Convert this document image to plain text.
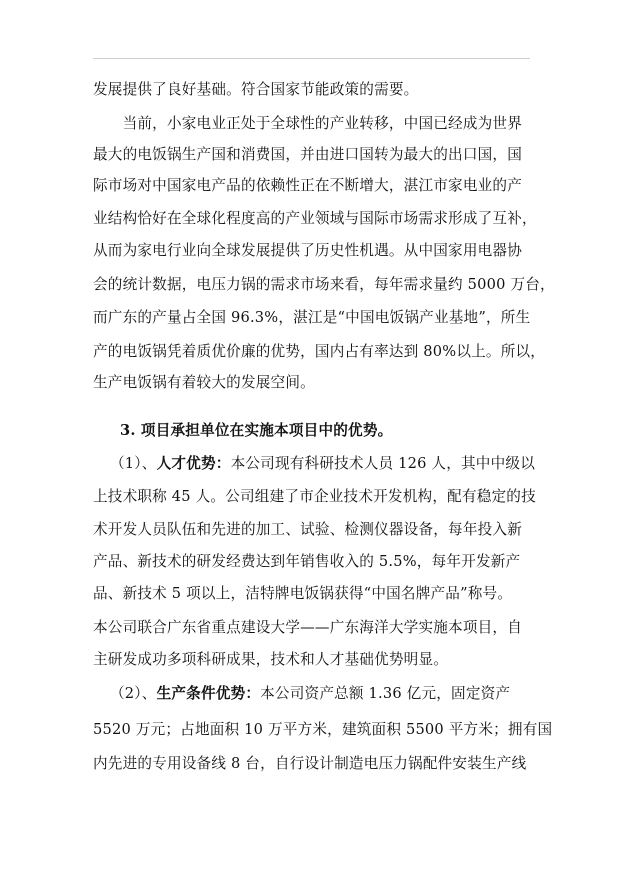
发展提供了良好基础。符合国家节能政策的需要。
　　当前，小家电业正处于全球性的产业转移，中国已经成为世界
最大的电饭锅生产国和消费国，并由进口国转为最大的出口国，国
际市场对中国家电产品的依赖性正在不断增大，湛江市家电业的产
业结构恰好在全球化程度高的产业领域与国际市场需求形成了互补，
从而为家电行业向全球发展提供了历史性机遇。从中国家用电器协
会的统计数据，电压力锅的需求市场来看，每年需求量约 5000 万台，
而广东的产量占全国 96.3%，湛江是“中国电饭锅产业基地”，所生
产的电饭锅凭着质优价廉的优势，国内占有率达到 80%以上。所以，
生产电饭锅有着较大的发展空间。
3. 项目承担单位在实施本项目中的优势。
（1）、人才优势：本公司现有科研技术人员 126 人，其中中级以
上技术职称 45 人。公司组建了市企业技术开发机构，配有稳定的技
术开发人员队伍和先进的加工、试验、检测仪器设备，每年投入新
产品、新技术的研发经费达到年销售收入的 5.5%，每年开发新产
品、新技术 5 项以上，洁特牌电饭锅获得“中国名牌产品”称号。
本公司联合广东省重点建设大学——广东海洋大学实施本项目，自
主研发成功多项科研成果，技术和人才基础优势明显。
（2）、生产条件优势：本公司资产总额 1.36 亿元，固定资产
5520 万元；占地面积 10 万平方米，建筑面积 5500 平方米；拥有国
内先进的专用设备线 8 台，自行设计制造电压力锅配件安装生产线
